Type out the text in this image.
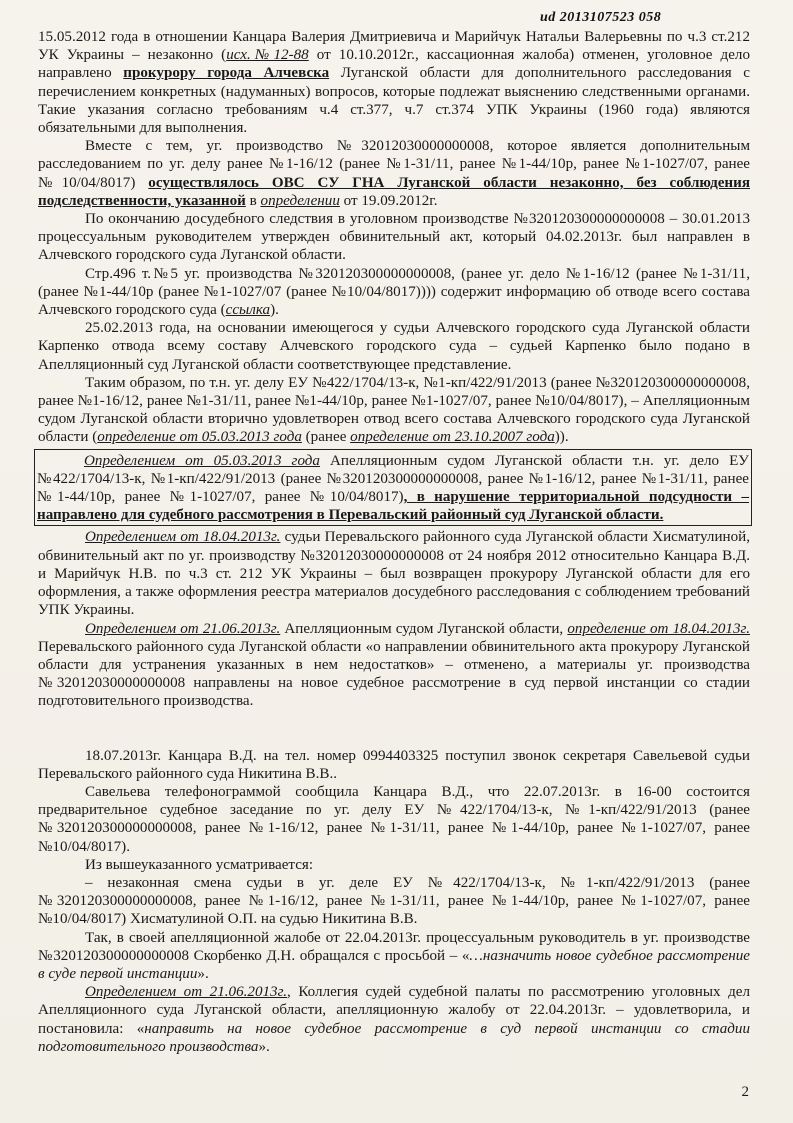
ud 2013107523 058

15.05.2012 года в отношении Канцара Валерия Дмитриевича и Марийчук Натальи Валерьевны по ч.3 ст.212 УК Украины – незаконно (исх.№12-88 от 10.10.2012г., кассационная жалоба) отменен, уголовное дело направлено прокурору города Алчевска Луганской области для дополнительного расследования с перечислением конкретных (надуманных) вопросов, которые подлежат выяснению следственными органами. Такие указания согласно требованиям ч.4 ст.377, ч.7 ст.374 УПК Украины (1960 года) являются обязательными для выполнения.

Вместе с тем, уг. производство №32012030000000008, которое является дополнительным расследованием по уг. делу ранее №1-16/12 (ранее №1-31/11, ранее №1-44/10р, ранее №1-1027/07, ранее №10/04/8017) осуществлялось ОВС СУ ГНА Луганской области незаконно, без соблюдения подследственности, указанной в определении от 19.09.2012г.

По окончанию досудебного следствия в уголовном производстве №320120300000000008 – 30.01.2013 процессуальным руководителем утвержден обвинительный акт, который 04.02.2013г. был направлен в Алчевского городского суда Луганской области.

Стр.496 т.№5 уг. производства №320120300000000008, (ранее уг. дело №1-16/12 (ранее №1-31/11, (ранее №1-44/10р (ранее №1-1027/07 (ранее №10/04/8017)))) содержит информацию об отводе всего состава Алчевского городского суда (ссылка).

25.02.2013 года, на основании имеющегося у судьи Алчевского городского суда Луганской области Карпенко отвода всему составу Алчевского городского суда – судьей Карпенко было подано в Апелляционный суд Луганской области соответствующее представление.

Таким образом, по т.н. уг. делу ЕУ №422/1704/13-к, №1-кп/422/91/2013 (ранее №320120300000000008, ранее №1-16/12, ранее №1-31/11, ранее №1-44/10р, ранее №1-1027/07, ранее №10/04/8017), – Апелляционным судом Луганской области вторично удовлетворен отвод всего состава Алчевского городского суда Луганской области (определение от 05.03.2013 года (ранее определение от 23.10.2007 года)).

Определением от 05.03.2013 года Апелляционным судом Луганской области т.н. уг. дело ЕУ №422/1704/13-к, №1-кп/422/91/2013 (ранее №320120300000000008, ранее №1-16/12, ранее №1-31/11, ранее №1-44/10р, ранее №1-1027/07, ранее №10/04/8017), в нарушение территориальной подсудности – направлено для судебного рассмотрения в Перевальский районный суд Луганской области.

Определением от 18.04.2013г. судьи Перевальского районного суда Луганской области Хисматулиной, обвинительный акт по уг. производству №32012030000000008 от 24 ноября 2012 относительно Канцара В.Д. и Марийчук Н.В. по ч.3 ст. 212 УК Украины – был возвращен прокурору Луганской области для его оформления, а также оформления реестра материалов досудебного расследования с соблюдением требований УПК Украины.

Определением от 21.06.2013г. Апелляционным судом Луганской области, определение от 18.04.2013г. Перевальского районного суда Луганской области «о направлении обвинительного акта прокурору Луганской области для устранения указанных в нем недостатков» – отменено, а материалы уг. производства №32012030000000008 направлены на новое судебное рассмотрение в суд первой инстанции со стадии подготовительного производства.

18.07.2013г. Канцара В.Д. на тел. номер 0994403325 поступил звонок секретаря Савельевой судьи Перевальского районного суда Никитина В.В..

Савельева телефонограммой сообщила Канцара В.Д., что 22.07.2013г. в 16-00 состоится предварительное судебное заседание по уг. делу ЕУ №422/1704/13-к, №1-кп/422/91/2013 (ранее №320120300000000008, ранее №1-16/12, ранее №1-31/11, ранее №1-44/10р, ранее №1-1027/07, ранее №10/04/8017).

Из вышеуказанного усматривается:

– незаконная смена судьи в уг. деле ЕУ №422/1704/13-к, №1-кп/422/91/2013 (ранее №320120300000000008, ранее №1-16/12, ранее №1-31/11, ранее №1-44/10р, ранее №1-1027/07, ранее №10/04/8017) Хисматулиной О.П. на судью Никитина В.В.

Так, в своей апелляционной жалобе от 22.04.2013г. процессуальным руководитель в уг. производстве №320120300000000008 Скорбенко Д.Н. обращался с просьбой – «…назначить новое судебное рассмотрение в суде первой инстанции».

Определением от 21.06.2013г., Коллегия судей судебной палаты по рассмотрению уголовных дел Апелляционного суда Луганской области, апелляционную жалобу от 22.04.2013г. – удовлетворила, и постановила: «направить на новое судебное рассмотрение в суд первой инстанции со стадии подготовительного производства».

2
